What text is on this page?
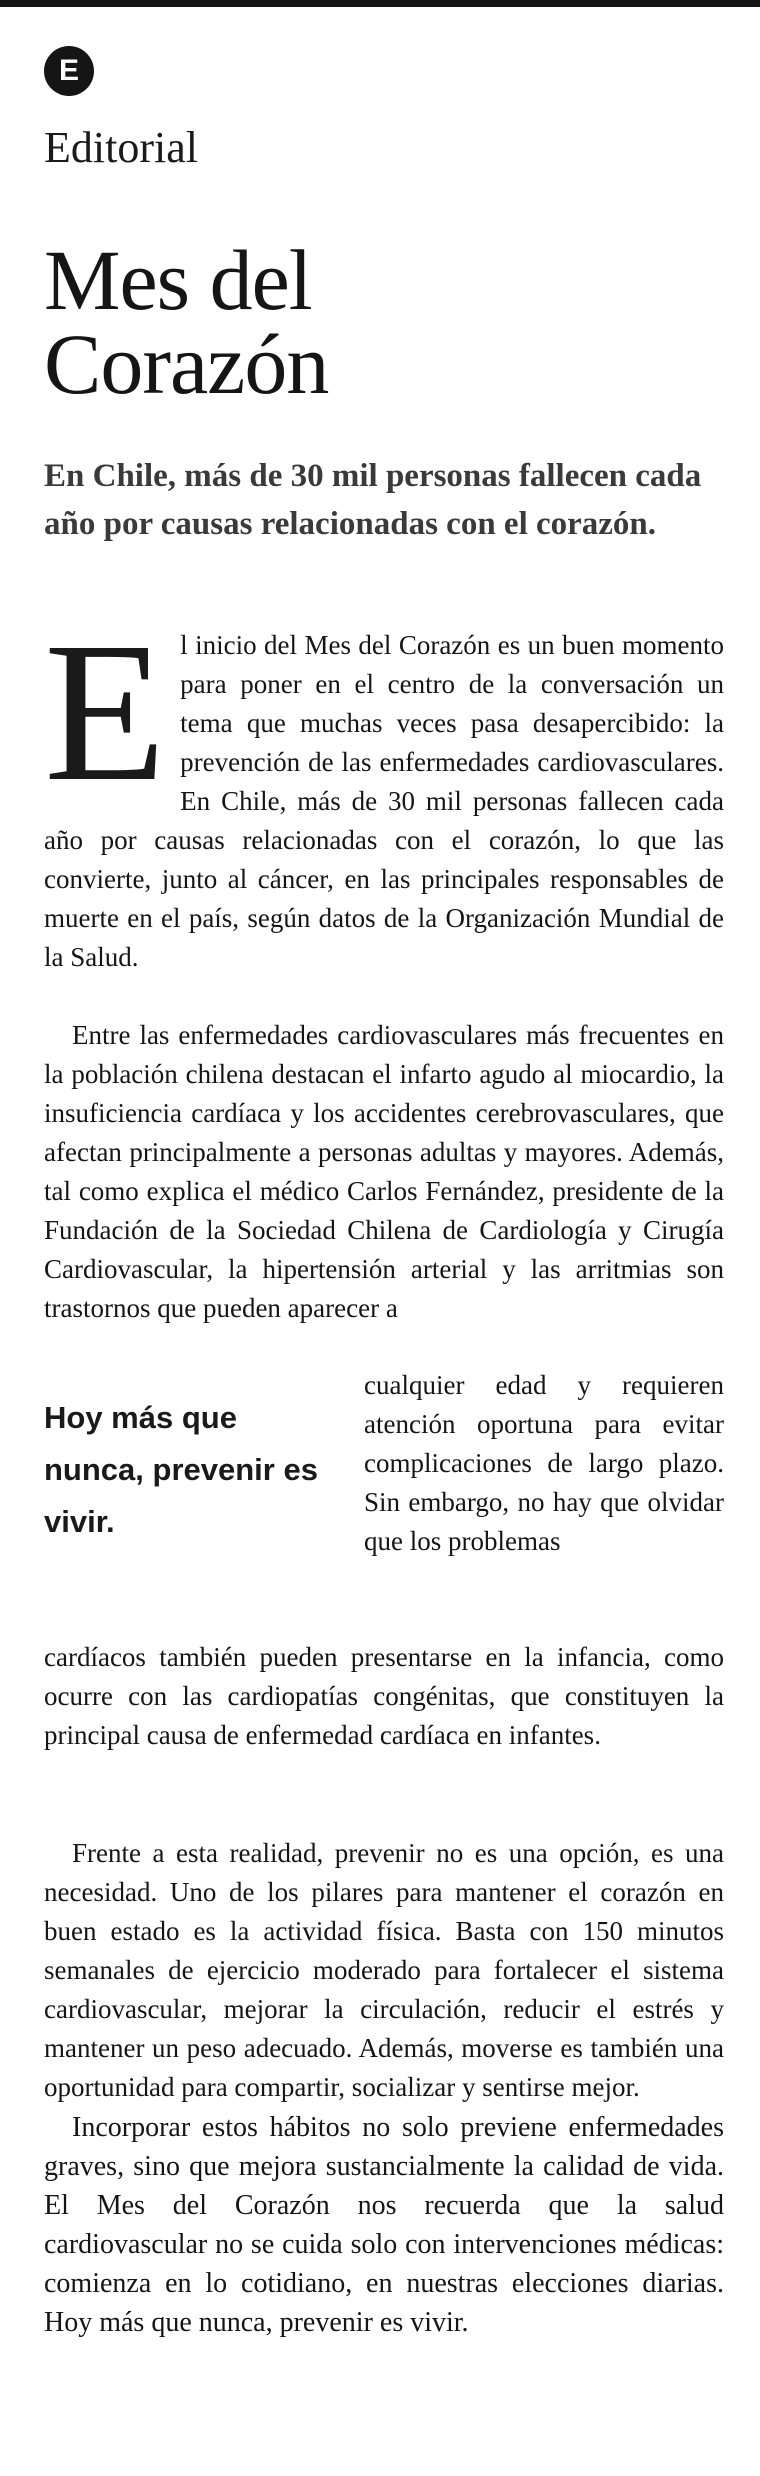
E
Editorial
Mes del
Corazón

En Chile, más de 30 mil personas fallecen cada año por causas relacionadas con el corazón.

El inicio del Mes del Corazón es un buen momento para poner en el centro de la conversación un tema que muchas veces pasa desapercibido: la prevención de las enfermedades cardiovasculares. En Chile, más de 30 mil personas fallecen cada año por causas relacionadas con el corazón, lo que las convierte, junto al cáncer, en las principales responsables de muerte en el país, según datos de la Organización Mundial de la Salud.

Entre las enfermedades cardiovasculares más frecuentes en la población chilena destacan el infarto agudo al miocardio, la insuficiencia cardíaca y los accidentes cerebrovasculares, que afectan principalmente a personas adultas y mayores. Además, tal como explica el médico Carlos Fernández, presidente de la Fundación de la Sociedad Chilena de Cardiología y Cirugía Cardiovascular, la hipertensión arterial y las arritmias son trastornos que pueden aparecer a

Hoy más que nunca, prevenir es vivir.

cualquier edad y requieren atención oportuna para evitar complicaciones de largo plazo. Sin embargo, no hay que olvidar que los problemas

cardíacos también pueden presentarse en la infancia, como ocurre con las cardiopatías congénitas, que constituyen la principal causa de enfermedad cardíaca en infantes.

Frente a esta realidad, prevenir no es una opción, es una necesidad. Uno de los pilares para mantener el corazón en buen estado es la actividad física. Basta con 150 minutos semanales de ejercicio moderado para fortalecer el sistema cardiovascular, mejorar la circulación, reducir el estrés y mantener un peso adecuado. Además, moverse es también una oportunidad para compartir, socializar y sentirse mejor.

Incorporar estos hábitos no solo previene enfermedades graves, sino que mejora sustancialmente la calidad de vida. El Mes del Corazón nos recuerda que la salud cardiovascular no se cuida solo con intervenciones médicas: comienza en lo cotidiano, en nuestras elecciones diarias. Hoy más que nunca, prevenir es vivir.
